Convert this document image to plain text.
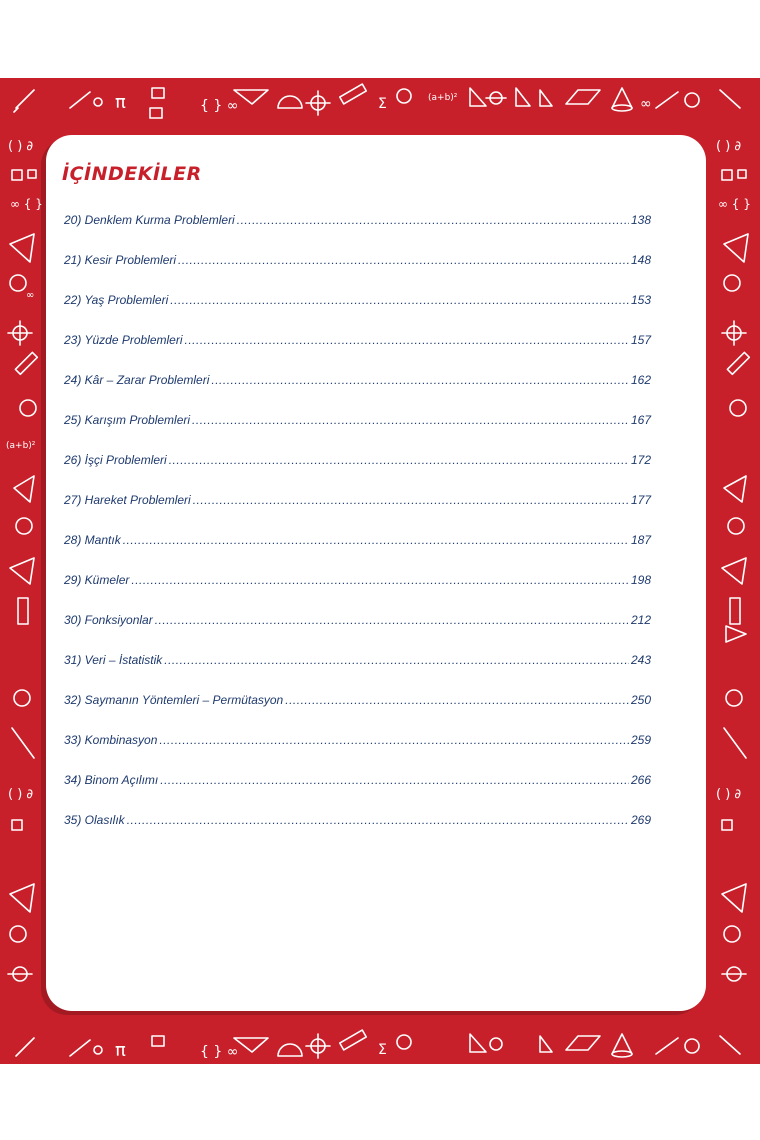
π	{ } ∞	Σ	(a+b)²	∞
π	{ } ∞	Σ
( ) ∂
∞ { }
∞
(a+b)²
( ) ∂
( ) ∂
∞ { }
( ) ∂
İÇİNDEKİLER
20) Denklem Kurma Problemleri .....	138
21) Kesir Problemleri .....	148
22) Yaş Problemleri .....	153
23) Yüzde Problemleri .....	157
24) Kâr – Zarar Problemleri .....	162
25) Karışım Problemleri .....	167
26) İşçi Problemleri .....	172
27) Hareket Problemleri .....	177
28) Mantık .....	187
29) Kümeler .....	198
30) Fonksiyonlar .....	212
31) Veri – İstatistik .....	243
32) Saymanın Yöntemleri – Permütasyon .....	250
33) Kombinasyon .....	259
34) Binom Açılımı .....	266
35) Olasılık .....	269
